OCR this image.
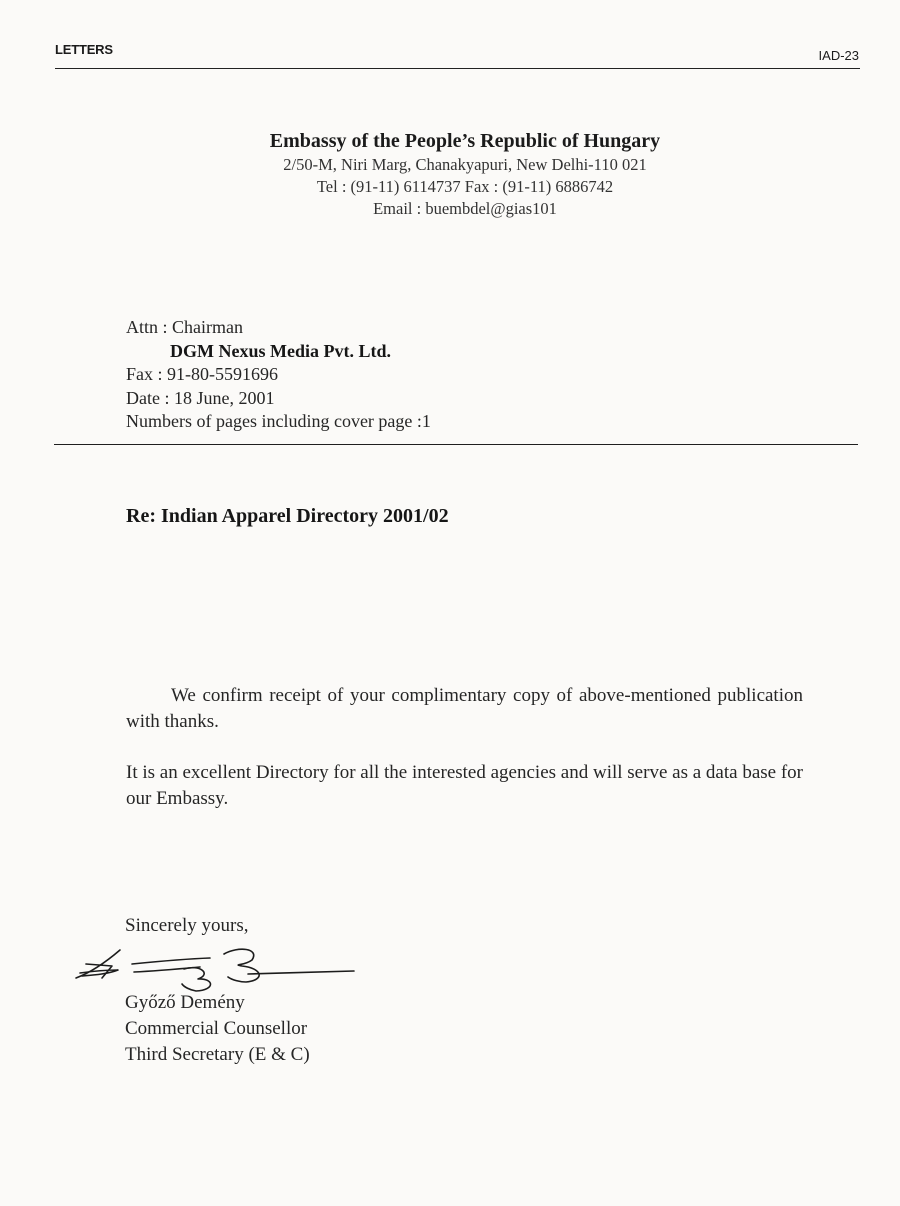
LETTERS	IAD-23
Embassy of the People’s Republic of Hungary
2/50-M, Niri Marg, Chanakyapuri, New Delhi-110 021
Tel : (91-11) 6114737 Fax : (91-11) 6886742
Email : buembdel@gias101
Attn : Chairman
DGM Nexus Media Pvt. Ltd.
Fax : 91-80-5591696
Date : 18 June, 2001
Numbers of pages including cover page :1
Re: Indian Apparel Directory 2001/02

We confirm receipt of your complimentary copy of above-mentioned publication with thanks.

It is an excellent Directory for all the interested agencies and will serve as a data base for our Embassy.

Sincerely yours,
Győző Demény
Commercial Counsellor
Third Secretary (E & C)
